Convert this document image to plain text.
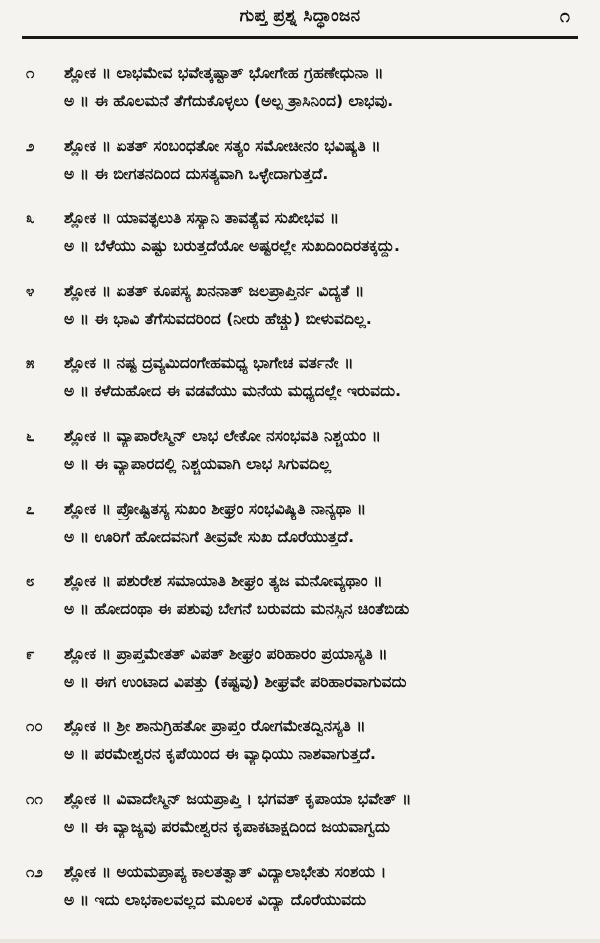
ಗುಪ್ತ ಪ್ರಶ್ನ ಸಿದ್ಧಾಂಜನ	೧
೧	ಶ್ಲೋಕ ॥ ಲಾಭಮೇವ ಭವೇತ್ಕಷ್ಟಾತ್ ಭೋಗೇಹ ಗ್ರಹಣೇಧುನಾ ॥
ಅ ॥ ಈ ಹೊಲಮನೆ ತೆಗೆದುಕೊಳ್ಳಲು (ಅಲ್ಪ ತ್ರಾಸಿನಿಂದ) ಲಾಭವು.
೨	ಶ್ಲೋಕ ॥ ಏತತ್ ಸಂಬಂಧತೋ ಸತ್ಯಂ ಸಮೋಚೀನಂ ಭವಿಷ್ಯತಿ ॥
ಅ ॥ ಈ ಬೀಗತನದಿಂದ ದುಸತ್ಯವಾಗಿ ಒಳ್ಳೇದಾಗುತ್ತದೆ.
೩	ಶ್ಲೋಕ ॥ ಯಾವತ್ಫಲುತಿ ಸಸ್ಯಾನಿ ತಾವತ್ಯೆವ ಸುಖೀಭವ ॥
ಅ ॥ ಬೆಳೆಯು ಎಷ್ಟು ಬರುತ್ತದೆಯೋ ಅಷ್ಟರಲ್ಲೇ ಸುಖದಿಂದಿರತಕ್ಕದ್ದು.
೪	ಶ್ಲೋಕ ॥ ಏತತ್ ಕೂಪಸ್ಯ ಖನನಾತ್ ಜಲಪ್ರಾಪ್ತಿರ್ನ ವಿದ್ಯತೆ ॥
ಅ ॥ ಈ ಭಾವಿ ತೆಗೆಸುವದರಿಂದ (ನೀರು ಹೆಚ್ಚು) ಬೀಳುವದಿಲ್ಲ.
೫	ಶ್ಲೋಕ ॥ ನಷ್ಟ ದ್ರವ್ಯಮಿದಂಗೇಹಮಧ್ಯ ಭಾಗೇಚ ವರ್ತನೇ ॥
ಅ ॥ ಕಳೆದುಹೋದ ಈ ವಡವೆಯು ಮನೆಯ ಮಧ್ಯದಲ್ಲೇ ಇರುವದು.
೬	ಶ್ಲೋಕ ॥ ವ್ಯಾಪಾರೇಸ್ಮಿನ್ ಲಾಭ ಲೇಕೋ ನಸಂಭವತಿ ನಿಶ್ಚಯಂ ॥
ಅ ॥ ಈ ವ್ಯಾಪಾರದಲ್ಲಿ ನಿಶ್ಚಯವಾಗಿ ಲಾಭ ಸಿಗುವದಿಲ್ಲ
೭	ಶ್ಲೋಕ ॥ ಪ್ರೋಷ್ಟಿತಸ್ಯ ಸುಖಂ ಶೀಘ್ರಂ ಸಂಭವಿಷ್ಯಿತಿ ನಾನ್ಯಥಾ ॥
ಅ ॥ ಊರಿಗೆ ಹೋದವನಿಗೆ ತೀವ್ರವೇ ಸುಖ ದೊರೆಯುತ್ತದೆ.
೮	ಶ್ಲೋಕ ॥ ಪಶುರೇಶ ಸಮಾಯಾತಿ ಶೀಘ್ರಂ ತ್ಯಜ ಮನೋವ್ಯಥಾಂ ॥
ಅ ॥ ಹೋದಂಥಾ ಈ ಪಶುವು ಬೇಗನೆ ಬರುವದು ಮನಸ್ಸಿನ ಚಿಂತೆಬಿಡು
೯	ಶ್ಲೋಕ ॥ ಪ್ರಾಪ್ತಮೇತತ್ ವಿಪತ್ ಶೀಘ್ರಂ ಪರಿಹಾರಂ ಪ್ರಯಾಸ್ಯತಿ ॥
ಅ ॥ ಈಗ ಉಂಟಾದ ವಿಪತ್ತು (ಕಷ್ಟವು) ಶೀಘ್ರವೇ ಪರಿಹಾರವಾಗುವದು
೧೦	ಶ್ಲೋಕ ॥ ಶ್ರೀ ಶಾನುಗ್ರಿಹತೋ ಪ್ರಾಪ್ತಂ ರೋಗಮೇತದ್ವಿನಸ್ಯತಿ ॥
ಅ ॥ ಪರಮೇಶ್ವರನ ಕೃಪೆಯಿಂದ ಈ ವ್ಯಾಧಿಯು ನಾಶವಾಗುತ್ತದೆ.
೧೧	ಶ್ಲೋಕ ॥ ವಿವಾದೇಸ್ಮಿನ್ ಜಯಪ್ರಾಪ್ತಿ । ಭಗವತ್ ಕೃಪಾಯಾ ಭವೇತ್ ॥
ಅ ॥ ಈ ವ್ಯಾಜ್ಯವು ಪರಮೇಶ್ವರನ ಕೃಪಾಕಟಾಕ್ಷದಿಂದ ಜಯವಾಗ್ವದು
೧೨	ಶ್ಲೋಕ ॥ ಅಯಮಪ್ರಾಪ್ಯ ಕಾಲತತ್ವಾತ್ ವಿದ್ಯಾಲಾಭೇತು ಸಂಶಯ ।
ಅ ॥ ಇದು ಲಾಭಕಾಲವಲ್ಲದ ಮೂಲಕ ವಿದ್ಯಾ ದೊರೆಯುವದು
